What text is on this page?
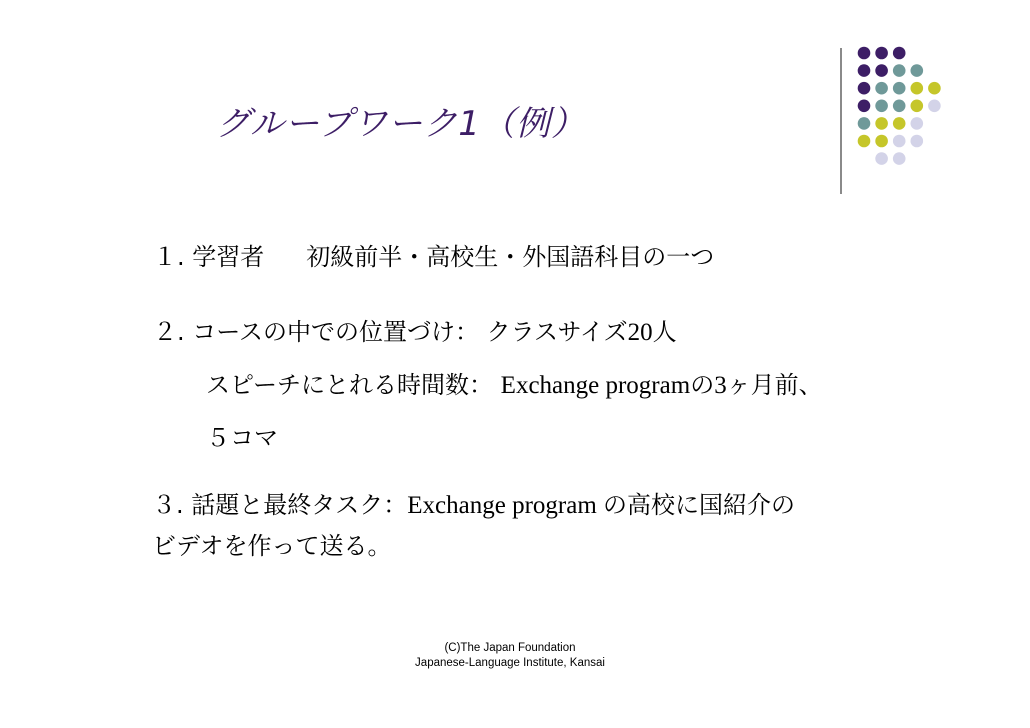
グループワーク1（例）
１. 学習者 初級前半・高校生・外国語科目の一つ
２. コースの中での位置づけ： クラスサイズ20人
スピーチにとれる時間数： Exchange programの3ヶ月前、
５コマ
３. 話題と最終タスク：Exchange program の高校に国紹介の
ビデオを作って送る。
(C)The Japan Foundation
Japanese-Language Institute, Kansai
